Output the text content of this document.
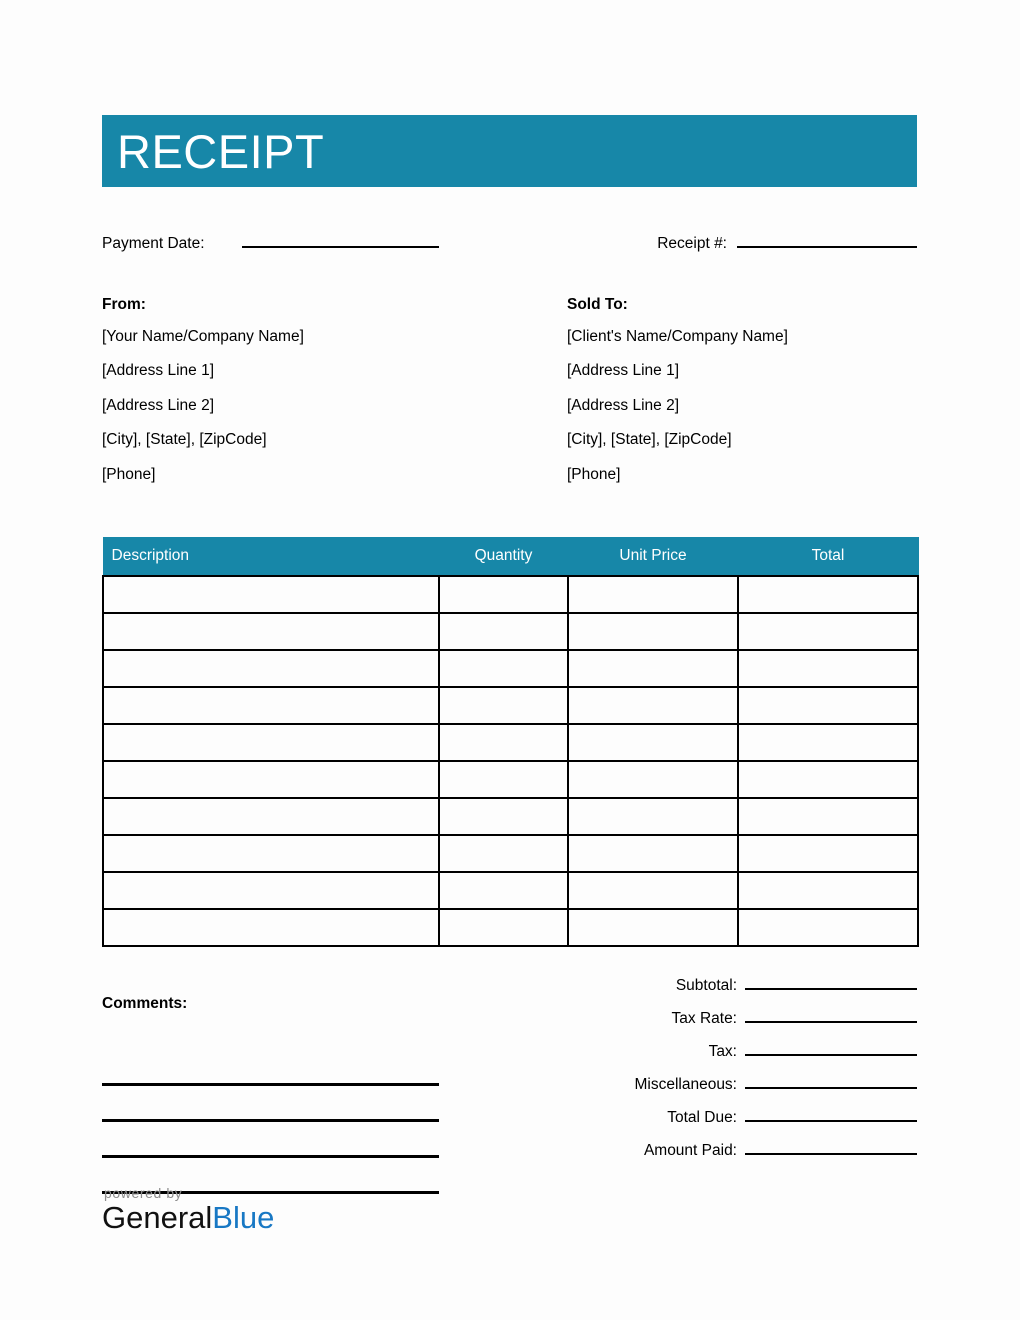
RECEIPT
Payment Date:	Receipt #:

From:

[Your Name/Company Name]

[Address Line 1]

[Address Line 2]

[City], [State], [ZipCode]

[Phone]

Sold To:

[Client's Name/Company Name]

[Address Line 1]

[Address Line 2]

[City], [State], [ZipCode]

[Phone]

Description	Quantity	Unit Price	Total

Comments:

Subtotal:
Tax Rate:
Tax:
Miscellaneous:
Total Due:
Amount Paid:

powered by

GeneralBlue
